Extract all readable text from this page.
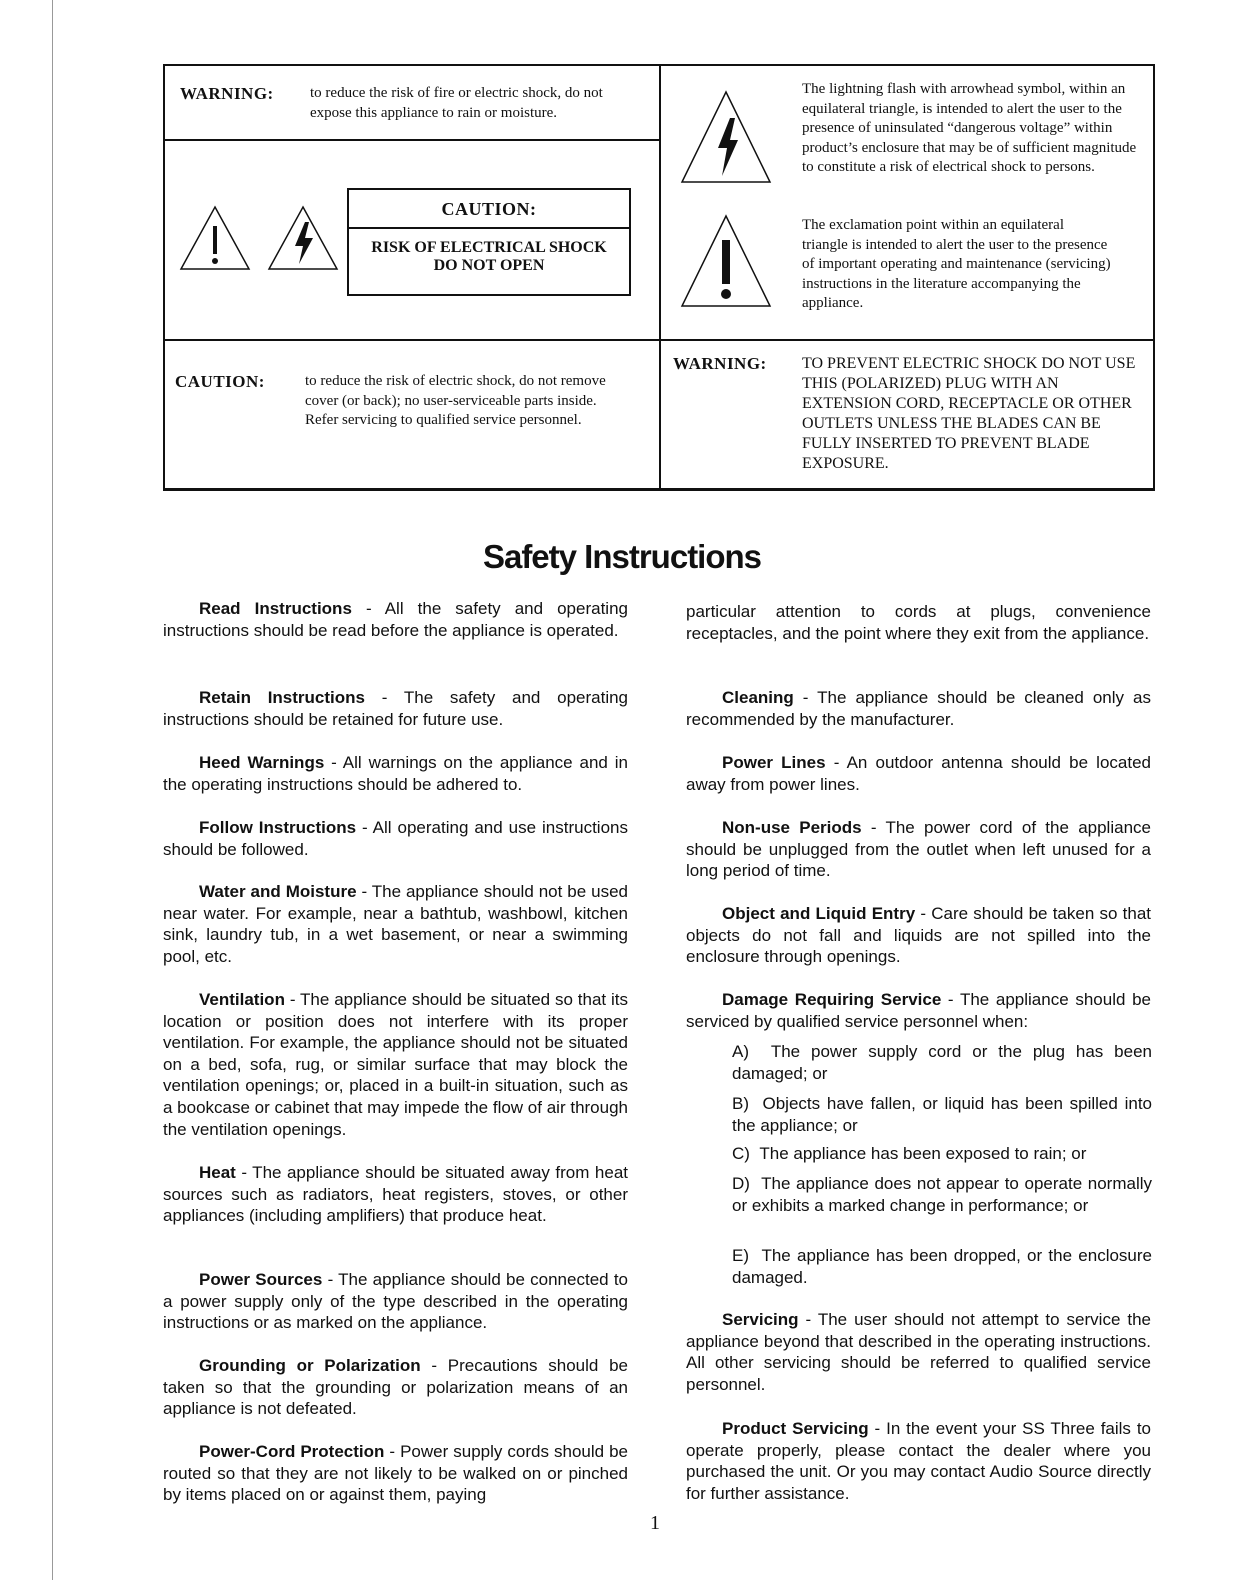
WARNING: to reduce the risk of fire or electric shock, do not expose this appliance to rain or moisture.
CAUTION:
RISK OF ELECTRICAL SHOCK
DO NOT OPEN
CAUTION:	to reduce the risk of electric shock, do not remove cover (or back); no user-serviceable parts inside. Refer servicing to qualified service personnel.
The lightning flash with arrowhead symbol, within an equilateral triangle, is intended to alert the user to the presence of uninsulated “dangerous voltage” within product’s enclosure that may be of sufficient magnitude to constitute a risk of electrical shock to persons.
The exclamation point within an equilateral triangle is intended to alert the user to the presence of important operating and maintenance (servicing) instructions in the literature accompanying the appliance.
WARNING: TO PREVENT ELECTRIC SHOCK DO NOT USE THIS (POLARIZED) PLUG WITH AN EXTENSION CORD, RECEPTACLE OR OTHER OUTLETS UNLESS THE BLADES CAN BE FULLY INSERTED TO PREVENT BLADE EXPOSURE.
Safety Instructions
Read Instructions - All the safety and operating instructions should be read before the appliance is operated.
Retain Instructions - The safety and operating instructions should be retained for future use.
Heed Warnings - All warnings on the appliance and in the operating instructions should be adhered to.
Follow Instructions - All operating and use instructions should be followed.
Water and Moisture - The appliance should not be used near water. For example, near a bathtub, washbowl, kitchen sink, laundry tub, in a wet basement, or near a swimming pool, etc.
Ventilation - The appliance should be situated so that its location or position does not interfere with its proper ventilation. For example, the appliance should not be situated on a bed, sofa, rug, or similar surface that may block the ventilation openings; or, placed in a built-in situation, such as a bookcase or cabinet that may impede the flow of air through the ventilation openings.
Heat - The appliance should be situated away from heat sources such as radiators, heat registers, stoves, or other appliances (including amplifiers) that produce heat.
Power Sources - The appliance should be connected to a power supply only of the type described in the operating instructions or as marked on the appliance.
Grounding or Polarization - Precautions should be taken so that the grounding or polarization means of an appliance is not defeated.
Power-Cord Protection - Power supply cords should be routed so that they are not likely to be walked on or pinched by items placed on or against them, paying
particular attention to cords at plugs, convenience receptacles, and the point where they exit from the appliance.
Cleaning - The appliance should be cleaned only as recommended by the manufacturer.
Power Lines - An outdoor antenna should be located away from power lines.
Non-use Periods - The power cord of the appliance should be unplugged from the outlet when left unused for a long period of time.
Object and Liquid Entry - Care should be taken so that objects do not fall and liquids are not spilled into the enclosure through openings.
Damage Requiring Service - The appliance should be serviced by qualified service personnel when:
Servicing - The user should not attempt to service the appliance beyond that described in the operating instructions. All other servicing should be referred to qualified service personnel.
Product Servicing - In the event your SS Three fails to operate properly, please contact the dealer where you purchased the unit. Or you may contact Audio Source directly for further assistance.
A)  The power supply cord or the plug has been damaged; or
B)  Objects have fallen, or liquid has been spilled into the appliance; or
C)  The appliance has been exposed to rain; or
D)  The appliance does not appear to operate normally or exhibits a marked change in performance; or
E)  The appliance has been dropped, or the enclosure damaged.
1
